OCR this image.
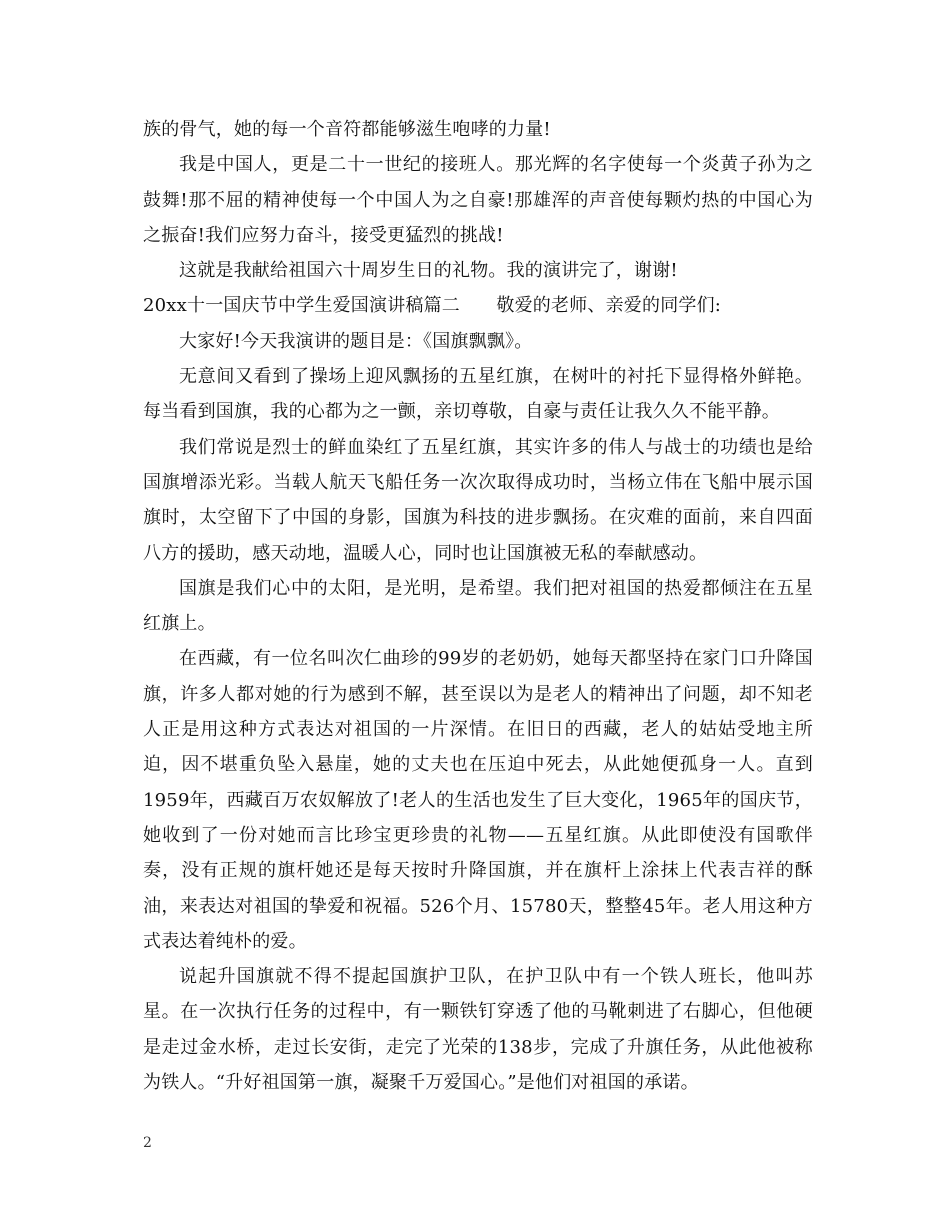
族的骨气，她的每一个音符都能够滋生咆哮的力量!

我是中国人，更是二十一世纪的接班人。那光辉的名字使每一个炎黄子孙为之鼓舞!那不屈的精神使每一个中国人为之自豪!那雄浑的声音使每颗灼热的中国心为之振奋!我们应努力奋斗，接受更猛烈的挑战!

这就是我献给祖国六十周岁生日的礼物。我的演讲完了，谢谢!

20xx十一国庆节中学生爱国演讲稿篇二　　敬爱的老师、亲爱的同学们:

大家好!今天我演讲的题目是：《国旗飘飘》。

无意间又看到了操场上迎风飘扬的五星红旗，在树叶的衬托下显得格外鲜艳。每当看到国旗，我的心都为之一颤，亲切尊敬，自豪与责任让我久久不能平静。

我们常说是烈士的鲜血染红了五星红旗，其实许多的伟人与战士的功绩也是给国旗增添光彩。当载人航天飞船任务一次次取得成功时，当杨立伟在飞船中展示国旗时，太空留下了中国的身影，国旗为科技的进步飘扬。在灾难的面前，来自四面八方的援助，感天动地，温暖人心，同时也让国旗被无私的奉献感动。

国旗是我们心中的太阳，是光明，是希望。我们把对祖国的热爱都倾注在五星红旗上。

在西藏，有一位名叫次仁曲珍的99岁的老奶奶，她每天都坚持在家门口升降国旗，许多人都对她的行为感到不解，甚至误以为是老人的精神出了问题，却不知老人正是用这种方式表达对祖国的一片深情。在旧日的西藏，老人的姑姑受地主所迫，因不堪重负坠入悬崖，她的丈夫也在压迫中死去，从此她便孤身一人。直到1959年，西藏百万农奴解放了!老人的生活也发生了巨大变化，1965年的国庆节，她收到了一份对她而言比珍宝更珍贵的礼物——五星红旗。从此即使没有国歌伴奏，没有正规的旗杆她还是每天按时升降国旗，并在旗杆上涂抹上代表吉祥的酥油，来表达对祖国的挚爱和祝福。526个月、15780天，整整45年。老人用这种方式表达着纯朴的爱。

说起升国旗就不得不提起国旗护卫队，在护卫队中有一个铁人班长，他叫苏星。在一次执行任务的过程中，有一颗铁钉穿透了他的马靴刺进了右脚心，但他硬是走过金水桥，走过长安街，走完了光荣的138步，完成了升旗任务，从此他被称为铁人。“升好祖国第一旗，凝聚千万爱国心。”是他们对祖国的承诺。

2
